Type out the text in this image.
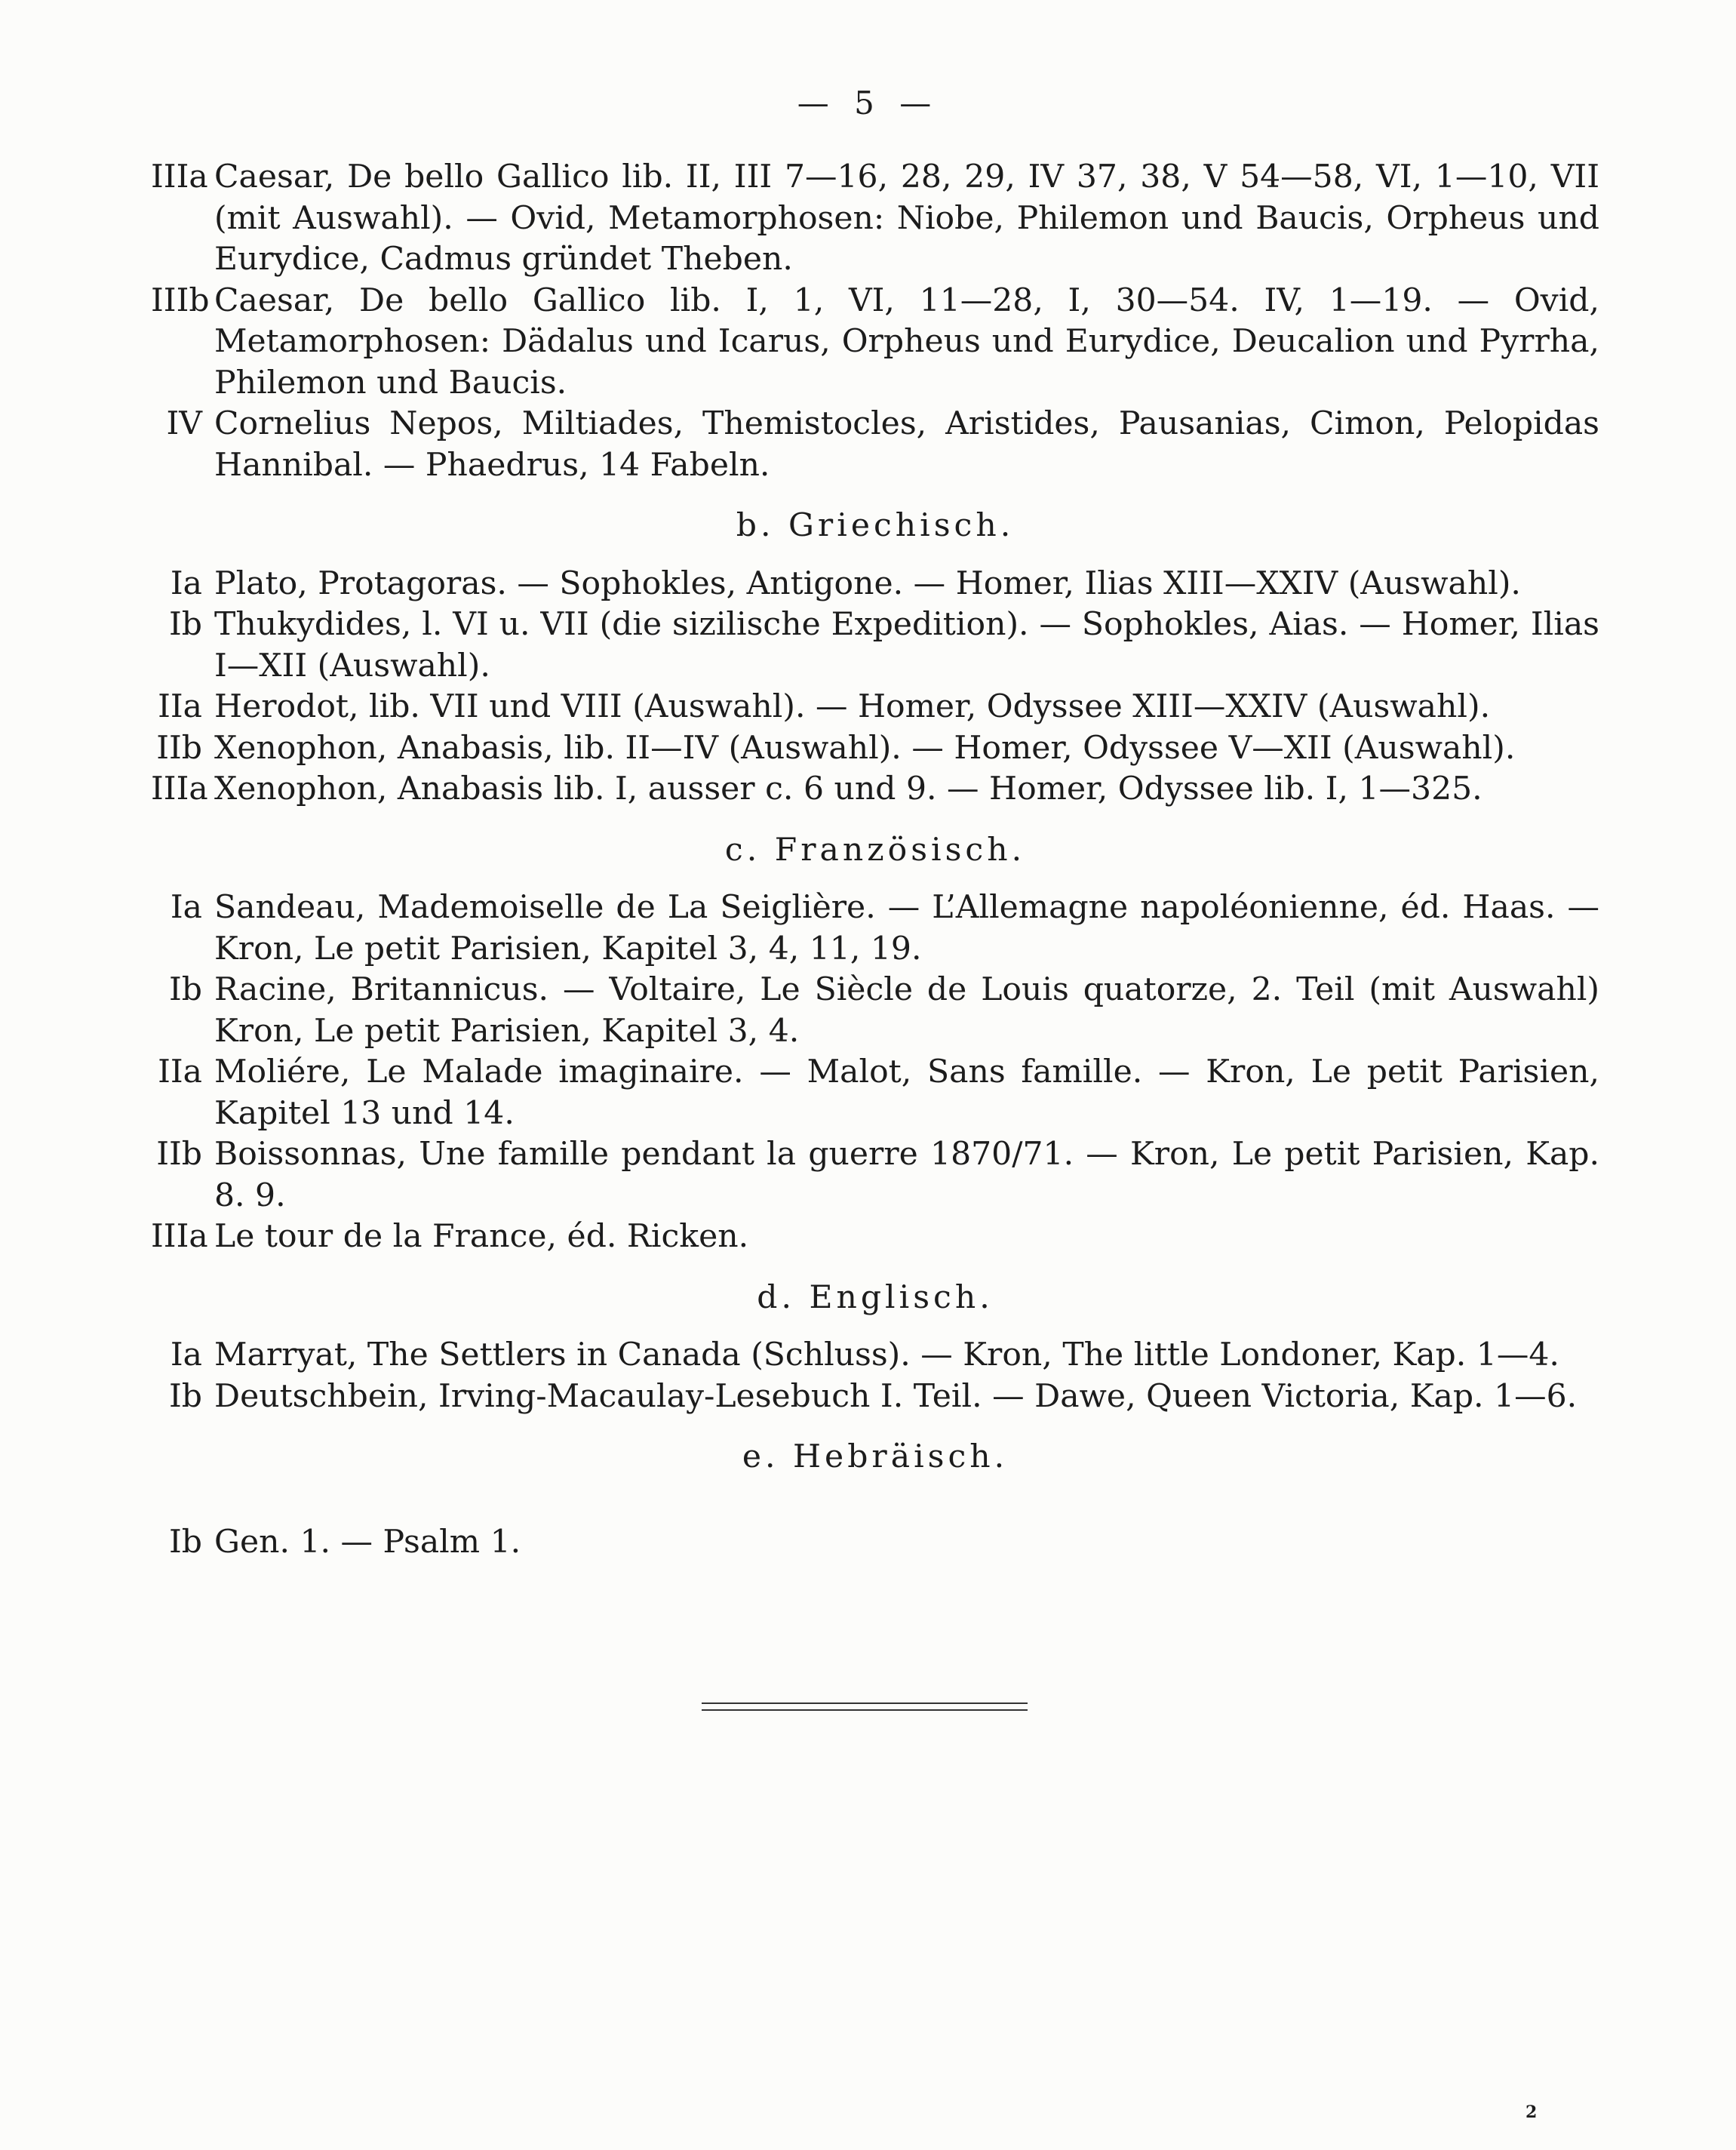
— 5 —
IIIa Caesar, De bello Gallico lib. II, III 7—16, 28, 29, IV 37, 38, V 54—58, VI, 1—10, VII (mit Auswahl). — Ovid, Metamorphosen: Niobe, Philemon und Baucis, Orpheus und Eurydice, Cadmus gründet Theben.
IIIb Caesar, De bello Gallico lib. I, 1, VI, 11—28, I, 30—54. IV, 1—19. — Ovid, Metamorphosen: Dädalus und Icarus, Orpheus und Eurydice, Deucalion und Pyrrha, Philemon und Baucis.
IV Cornelius Nepos, Miltiades, Themistocles, Aristides, Pausanias, Cimon, Pelopidas Hannibal. — Phaedrus, 14 Fabeln.
b. Griechisch.
Ia Plato, Protagoras. — Sophokles, Antigone. — Homer, Ilias XIII—XXIV (Auswahl).
Ib Thukydides, l. VI u. VII (die sizilische Expedition). — Sophokles, Aias. — Homer, Ilias I—XII (Auswahl).
IIa Herodot, lib. VII und VIII (Auswahl). — Homer, Odyssee XIII—XXIV (Auswahl).
IIb Xenophon, Anabasis, lib. II—IV (Auswahl). — Homer, Odyssee V—XII (Auswahl).
IIIa Xenophon, Anabasis lib. I, ausser c. 6 und 9. — Homer, Odyssee lib. I, 1—325.
c. Französisch.
Ia Sandeau, Mademoiselle de La Seiglière. — L’Allemagne napoléonienne, éd. Haas. — Kron, Le petit Parisien, Kapitel 3, 4, 11, 19.
Ib Racine, Britannicus. — Voltaire, Le Siècle de Louis quatorze, 2. Teil (mit Auswahl) Kron, Le petit Parisien, Kapitel 3, 4.
IIa Moliére, Le Malade imaginaire. — Malot, Sans famille. — Kron, Le petit Parisien, Kapitel 13 und 14.
IIb Boissonnas, Une famille pendant la guerre 1870/71. — Kron, Le petit Parisien, Kap. 8. 9.
IIIa Le tour de la France, éd. Ricken.
d. Englisch.
Ia Marryat, The Settlers in Canada (Schluss). — Kron, The little Londoner, Kap. 1—4.
Ib Deutschbein, Irving-Macaulay-Lesebuch I. Teil. — Dawe, Queen Victoria, Kap. 1—6.
e. Hebräisch.
Ib Gen. 1. — Psalm 1.
2
